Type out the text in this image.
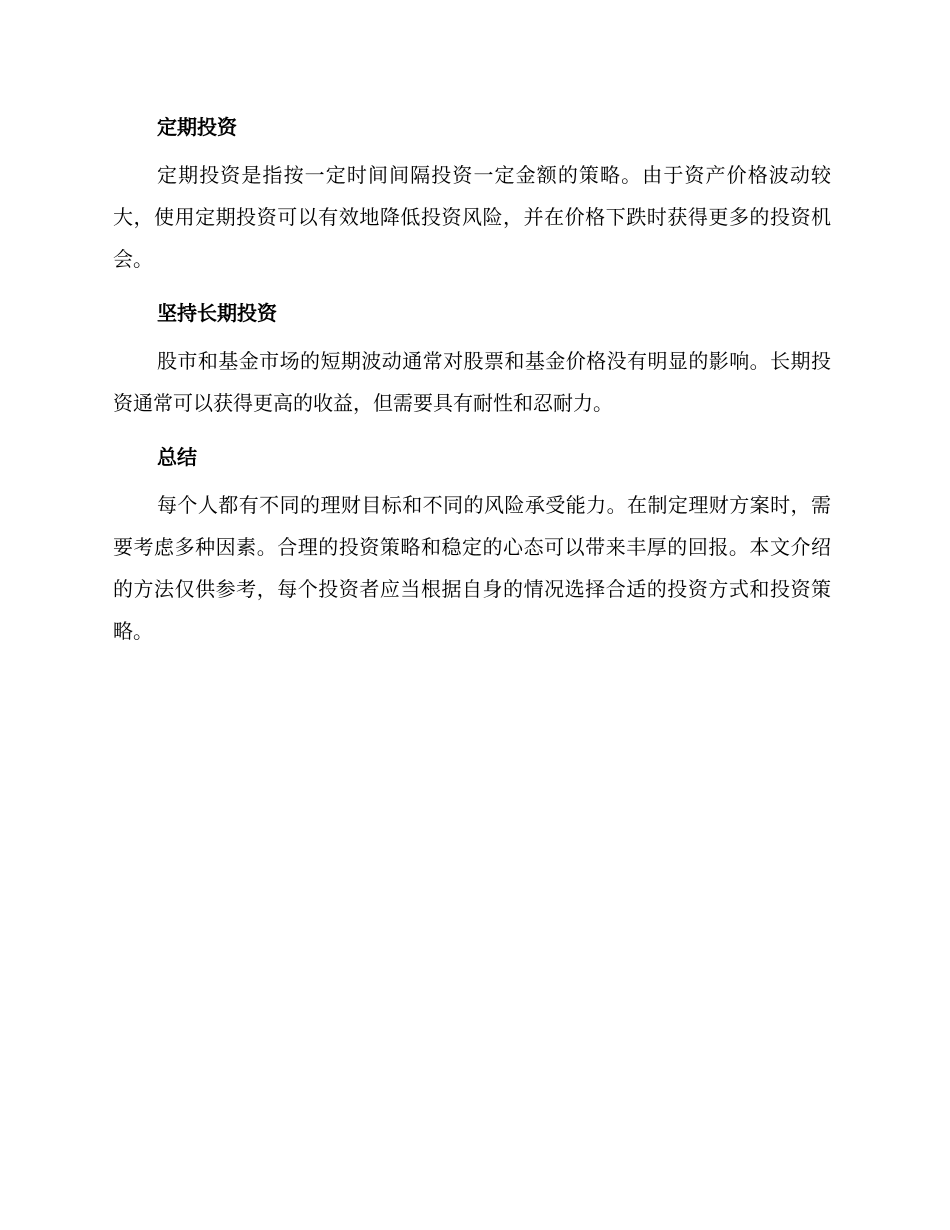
定期投资

定期投资是指按一定时间间隔投资一定金额的策略。由于资产价格波动较大，使用定期投资可以有效地降低投资风险，并在价格下跌时获得更多的投资机会。

坚持长期投资

股市和基金市场的短期波动通常对股票和基金价格没有明显的影响。长期投资通常可以获得更高的收益，但需要具有耐性和忍耐力。

总结

每个人都有不同的理财目标和不同的风险承受能力。在制定理财方案时，需要考虑多种因素。合理的投资策略和稳定的心态可以带来丰厚的回报。本文介绍的方法仅供参考，每个投资者应当根据自身的情况选择合适的投资方式和投资策略。
